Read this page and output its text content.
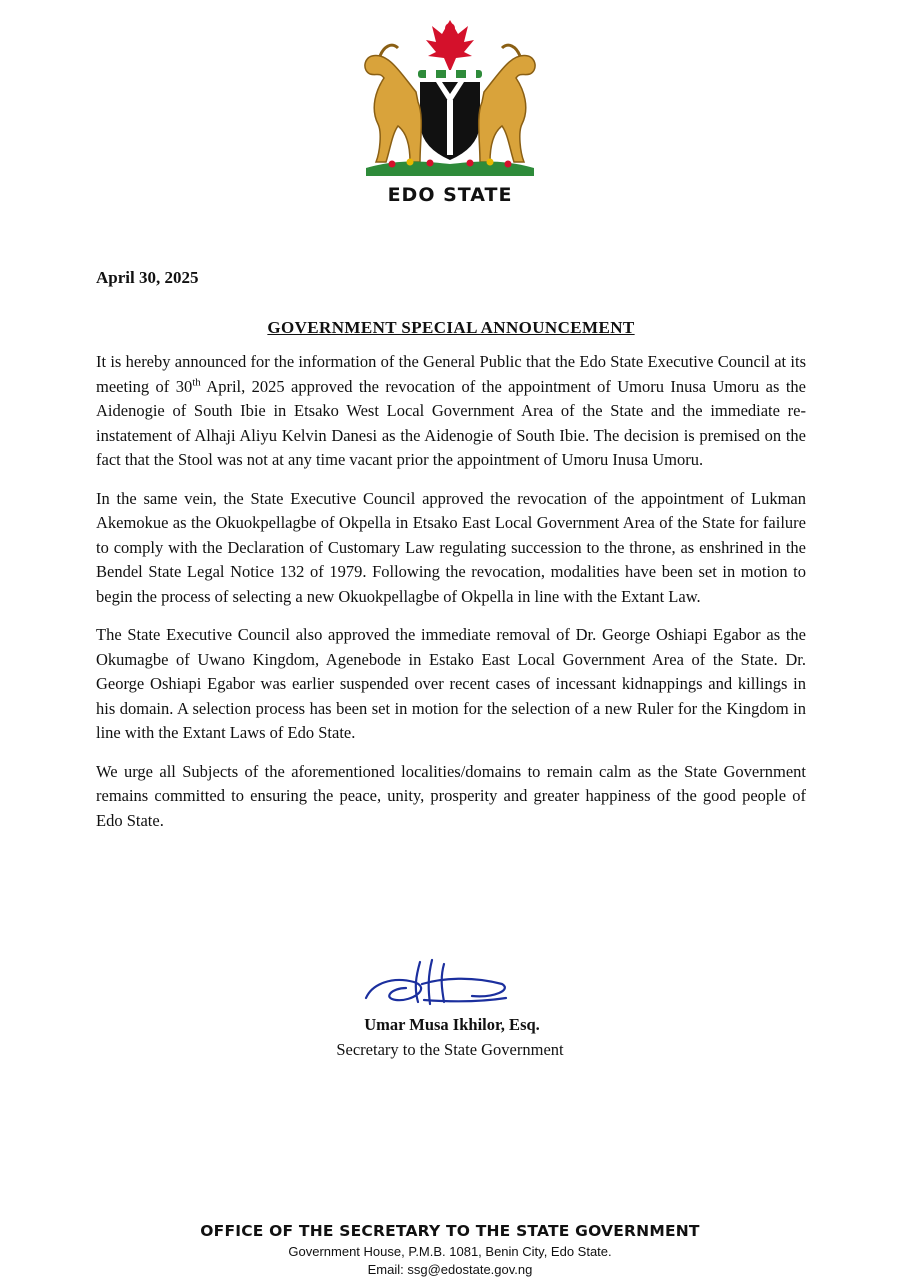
EDO STATE
April 30, 2025
GOVERNMENT SPECIAL ANNOUNCEMENT

It is hereby announced for the information of the General Public that the Edo State Executive Council at its meeting of 30th April, 2025 approved the revocation of the appointment of Umoru Inusa Umoru as the Aidenogie of South Ibie in Etsako West Local Government Area of the State and the immediate re-instatement of Alhaji Aliyu Kelvin Danesi as the Aidenogie of South Ibie. The decision is premised on the fact that the Stool was not at any time vacant prior the appointment of Umoru Inusa Umoru.

In the same vein, the State Executive Council approved the revocation of the appointment of Lukman Akemokue as the Okuokpellagbe of Okpella in Etsako East Local Government Area of the State for failure to comply with the Declaration of Customary Law regulating succession to the throne, as enshrined in the Bendel State Legal Notice 132 of 1979. Following the revocation, modalities have been set in motion to begin the process of selecting a new Okuokpellagbe of Okpella in line with the Extant Law.

The State Executive Council also approved the immediate removal of Dr. George Oshiapi Egabor as the Okumagbe of Uwano Kingdom, Agenebode in Estako East Local Government Area of the State. Dr. George Oshiapi Egabor was earlier suspended over recent cases of incessant kidnappings and killings in his domain. A selection process has been set in motion for the selection of a new Ruler for the Kingdom in line with the Extant Laws of Edo State.

We urge all Subjects of the aforementioned localities/domains to remain calm as the State Government remains committed to ensuring the peace, unity, prosperity and greater happiness of the good people of Edo State.

Umar Musa Ikhilor, Esq.
Secretary to the State Government
OFFICE OF THE SECRETARY TO THE STATE GOVERNMENT
Government House, P.M.B. 1081, Benin City, Edo State.
Email: ssg@edostate.gov.ng
